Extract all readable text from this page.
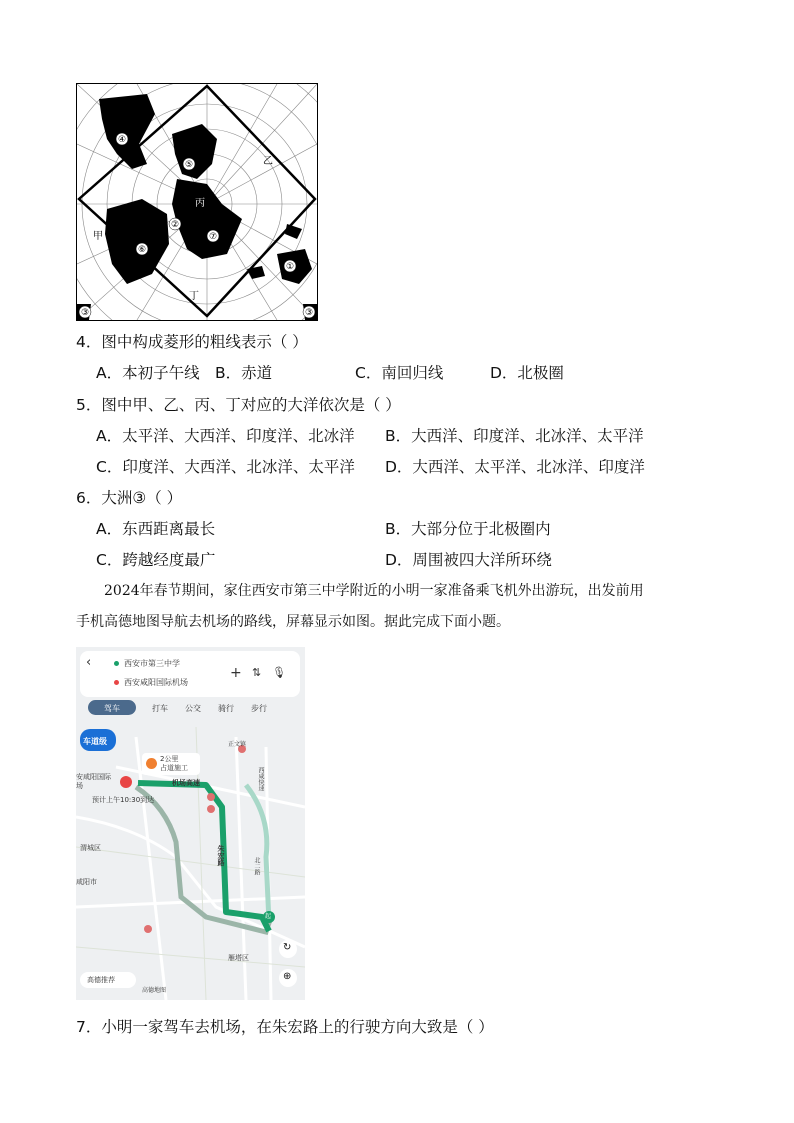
④
⑤
②
⑥
⑦
①
③	③
甲
乙
丙
丁
4．图中构成菱形的粗线表示（ ）
A．本初子午线 B．赤道	C．南回归线	D．北极圈
5．图中甲、乙、丙、丁对应的大洋依次是（ ）
A．太平洋、大西洋、印度洋、北冰洋 B．大西洋、印度洋、北冰洋、太平洋
C．印度洋、大西洋、北冰洋、太平洋 D．大西洋、太平洋、北冰洋、印度洋
6．大洲③（ ）
A．东西距离最长	B．大部分位于北极圈内
C．跨越经度最广	D．周围被四大洋所环绕
2024年春节期间，家住西安市第三中学附近的小明一家准备乘飞机外出游玩，出发前用
手机高德地图导航去机场的路线，屏幕显示如图。据此完成下面小题。
‹	西安市第三中学
西安咸阳国际机场
+ ⇅ 🎙
驾车	打车 公交 骑行 步行
车道级
2公里
占道施工
安咸阳国际
场
预计上午10:30到达
机场高速
朱宏路
西咸快速
北二路
渭城区
咸阳市
雁塔区
正文镇
起
↻
⊕
高德推荐
高德地图
7．小明一家驾车去机场，在朱宏路上的行驶方向大致是（ ）
